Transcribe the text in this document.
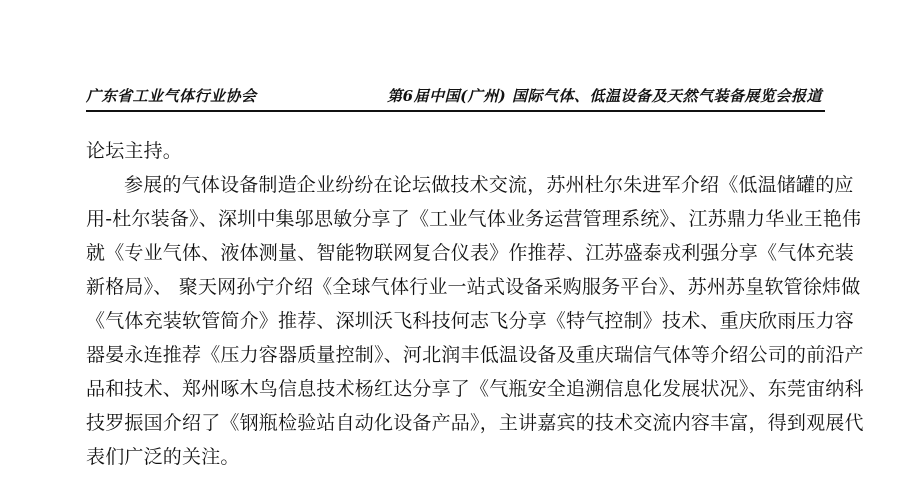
广东省工业气体行业协会	第6届中国(广州) 国际气体、低温设备及天然气装备展览会报道
论坛主持。
参展的气体设备制造企业纷纷在论坛做技术交流，苏州杜尔朱进军介绍《低温储罐的应
用-杜尔装备》、深圳中集邬思敏分享了《工业气体业务运营管理系统》、江苏鼎力华业王艳伟
就《专业气体、液体测量、智能物联网复合仪表》作推荐、江苏盛泰戎利强分享《气体充装
新格局》、 聚天网孙宁介绍《全球气体行业一站式设备采购服务平台》、苏州苏皇软管徐炜做
《气体充装软管简介》推荐、深圳沃飞科技何志飞分享《特气控制》技术、重庆欣雨压力容
器晏永连推荐《压力容器质量控制》、河北润丰低温设备及重庆瑞信气体等介绍公司的前沿产
品和技术、郑州啄木鸟信息技术杨红达分享了《气瓶安全追溯信息化发展状况》、东莞宙纳科
技罗振国介绍了《钢瓶检验站自动化设备产品》，主讲嘉宾的技术交流内容丰富，得到观展代
表们广泛的关注。
